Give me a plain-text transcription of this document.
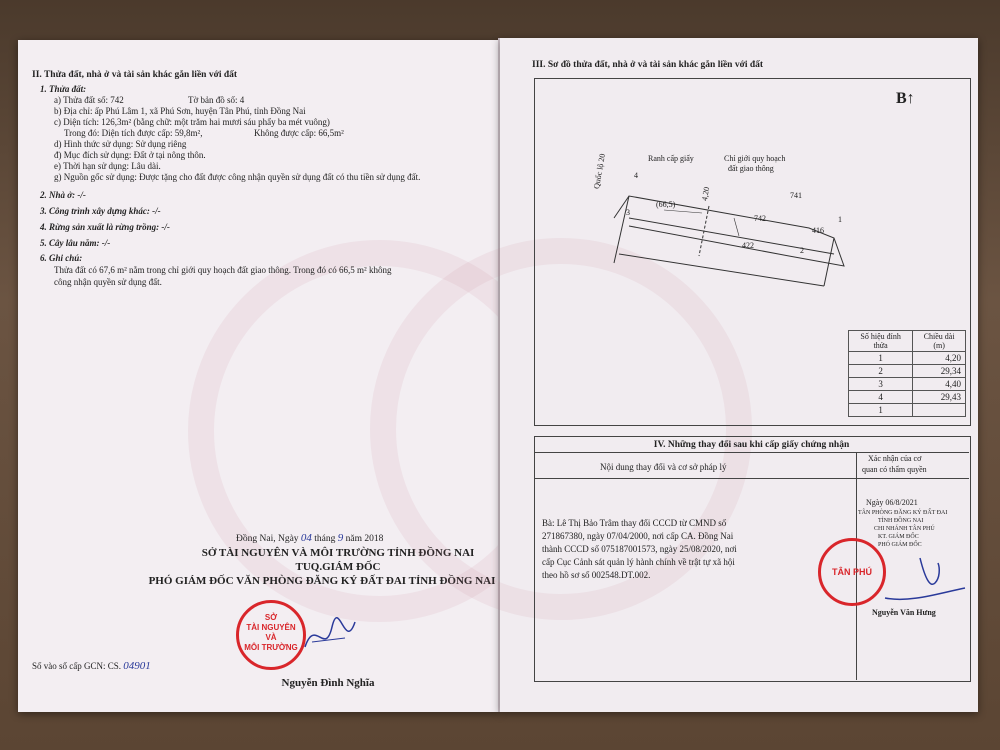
II. Thửa đất, nhà ở và tài sản khác gắn liền với đất
1. Thửa đất:
a) Thửa đất số: 742	Tờ bản đồ số: 4
b) Địa chỉ: ấp Phú Lâm 1, xã Phú Sơn, huyện Tân Phú, tỉnh Đồng Nai
c) Diện tích: 126,3m² (bằng chữ: một trăm hai mươi sáu phẩy ba mét vuông)
Trong đó: Diện tích được cấp: 59,8m²,	Không được cấp: 66,5m²
d) Hình thức sử dụng: Sử dụng riêng
đ) Mục đích sử dụng: Đất ở tại nông thôn.
e) Thời hạn sử dụng: Lâu dài.
g) Nguồn gốc sử dụng: Được tặng cho đất được công nhận quyền sử dụng đất có thu tiền sử dụng đất.
2. Nhà ở: -/-
3. Công trình xây dựng khác: -/-
4. Rừng sản xuất là rừng trồng: -/-
5. Cây lâu năm: -/-
6. Ghi chú:
Thửa đất có 67,6 m² nằm trong chỉ giới quy hoạch đất giao thông. Trong đó có 66,5 m² không
công nhận quyền sử dụng đất.
Đồng Nai, Ngày 04 tháng 9 năm 2018
SỞ TÀI NGUYÊN VÀ MÔI TRƯỜNG TỈNH ĐỒNG NAI
TUQ.GIÁM ĐỐC
PHÓ GIÁM ĐỐC VĂN PHÒNG ĐĂNG KÝ ĐẤT ĐAI TỈNH ĐỒNG NAI
SỞ
TÀI NGUYÊN
VÀ
MÔI TRƯỜNG
Nguyễn Đình Nghĩa
Số vào sổ cấp GCN: CS. 04901
III. Sơ đồ thửa đất, nhà ở và tài sản khác gắn liền với đất
B↑
Quốc lộ 20	Ranh cấp giấy	Chỉ giới quy hoạch
đất giao thông
(66,5)
4,20
742
741
416
422
4
3
1
2
Số hiệu đỉnh thửa	Chiều dài (m)
1	4,20
2	29,34
3	4,40
4	29,43
1	
IV. Những thay đổi sau khi cấp giấy chứng nhận
Nội dung thay đổi và cơ sở pháp lý
Xác nhận của cơ
quan có thẩm quyền
Bà: Lê Thị Bảo Trâm thay đổi CCCD từ CMND số
271867380, ngày 07/04/2000, nơi cấp CA. Đồng Nai
thành CCCD số 075187001573, ngày 25/08/2020, nơi
cấp Cục Cảnh sát quản lý hành chính về trật tự xã hội
theo hồ sơ số 002548.DT.002.
Ngày 06/8/2021
TÂN PHÒNG ĐĂNG KÝ ĐẤT ĐAI
TỈNH ĐỒNG NAI
CHI NHÁNH TÂN PHÚ
KT. GIÁM ĐỐC
PHÓ GIÁM ĐỐC
TÂN PHÚ
Nguyễn Văn Hưng
